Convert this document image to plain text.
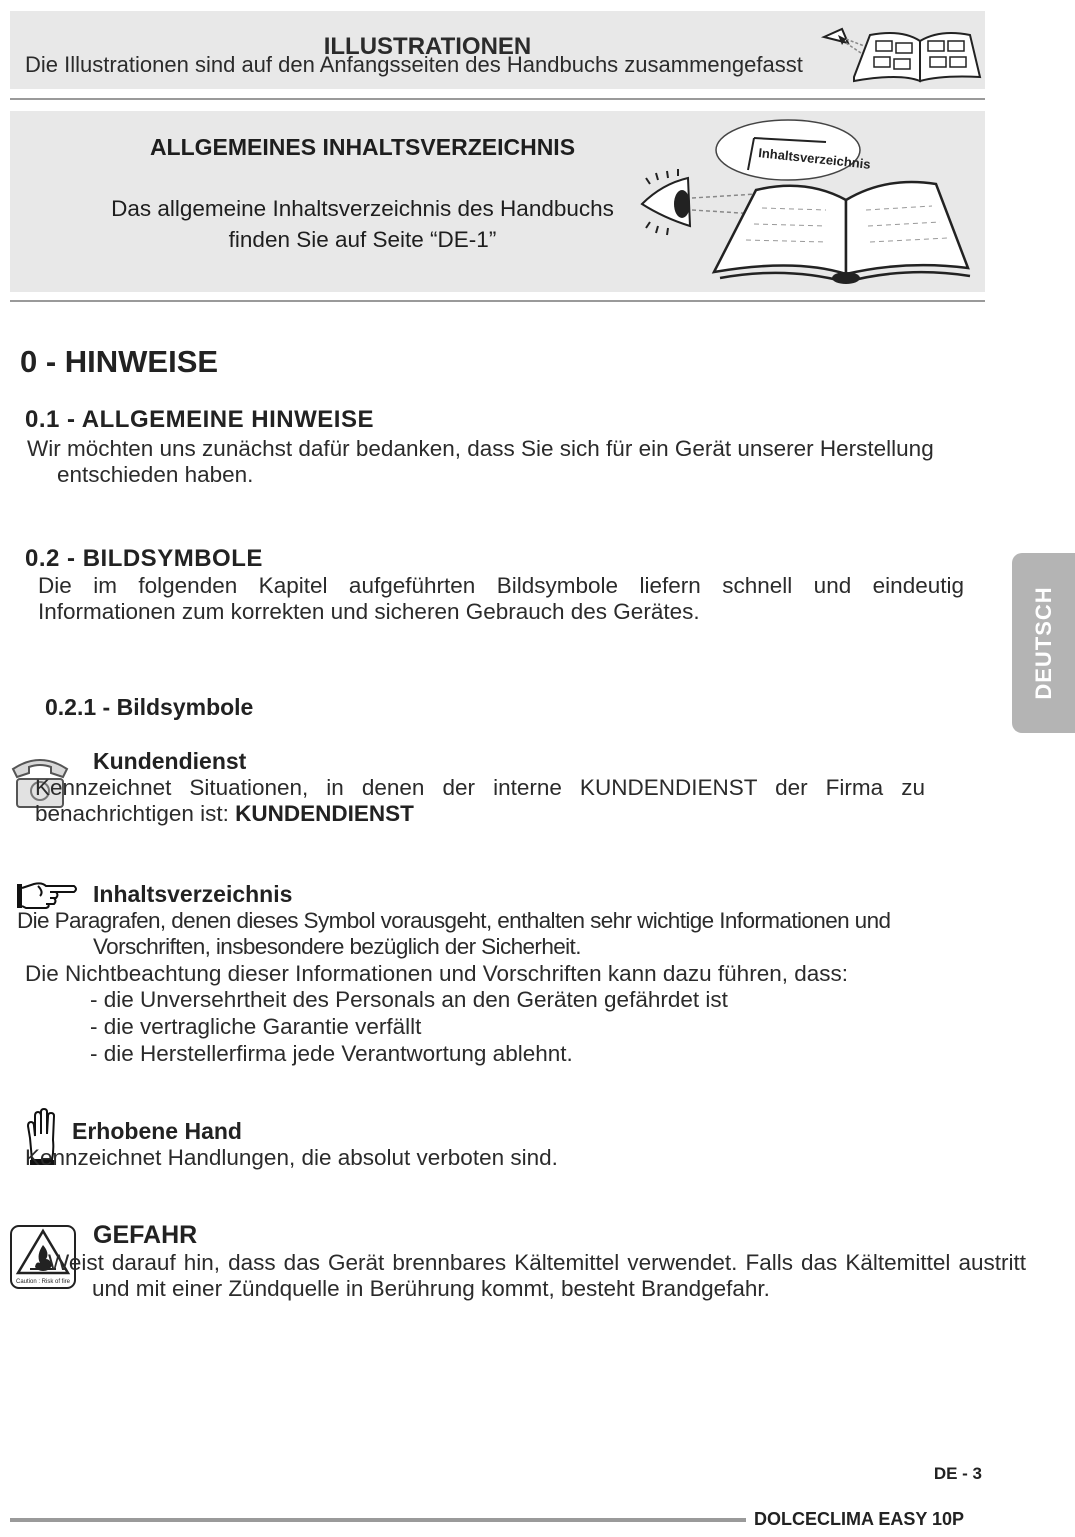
ILLUSTRATIONEN
Die Illustrationen sind auf den Anfangsseiten des Handbuchs zusammengefasst
ALLGEMEINES INHALTSVERZEICHNIS
Das allgemeine Inhaltsverzeichnis des Handbuchs
finden Sie auf Seite “DE-1”
Inhaltsverzeichnis
0 - HINWEISE
0.1 - ALLGEMEINE HINWEISE
Wir möchten uns zunächst dafür bedanken, dass Sie sich für ein Gerät unserer Herstellung entschieden haben.
0.2 - BILDSYMBOLE
Die im folgenden Kapitel aufgeführten Bildsymbole liefern schnell und eindeutig Informationen zum korrekten und sicheren Gebrauch des Gerätes.
0.2.1 - Bildsymbole
Kundendienst
Kennzeichnet Situationen, in denen der interne KUNDENDIENST der Firma zu benachrichtigen ist: KUNDENDIENST
Inhaltsverzeichnis
Die Paragrafen, denen dieses Symbol vorausgeht, enthalten sehr wichtige Informationen und Vorschriften, insbesondere bezüglich der Sicherheit.
Die Nichtbeachtung dieser Informationen und Vorschriften kann dazu führen, dass:
- die Unversehrtheit des Personals an den Geräten gefährdet ist
- die vertragliche Garantie verfällt
- die Herstellerfirma jede Verantwortung ablehnt.
Erhobene Hand
Kennzeichnet Handlungen, die absolut verboten sind.
Caution : Risk of fire
GEFAHR
Weist darauf hin, dass das Gerät brennbares Kältemittel verwendet. Falls das Kältemittel austritt und mit einer Zündquelle in Berührung kommt, besteht Brandgefahr.
DEUTSCH
DE - 3
DOLCECLIMA EASY 10P
